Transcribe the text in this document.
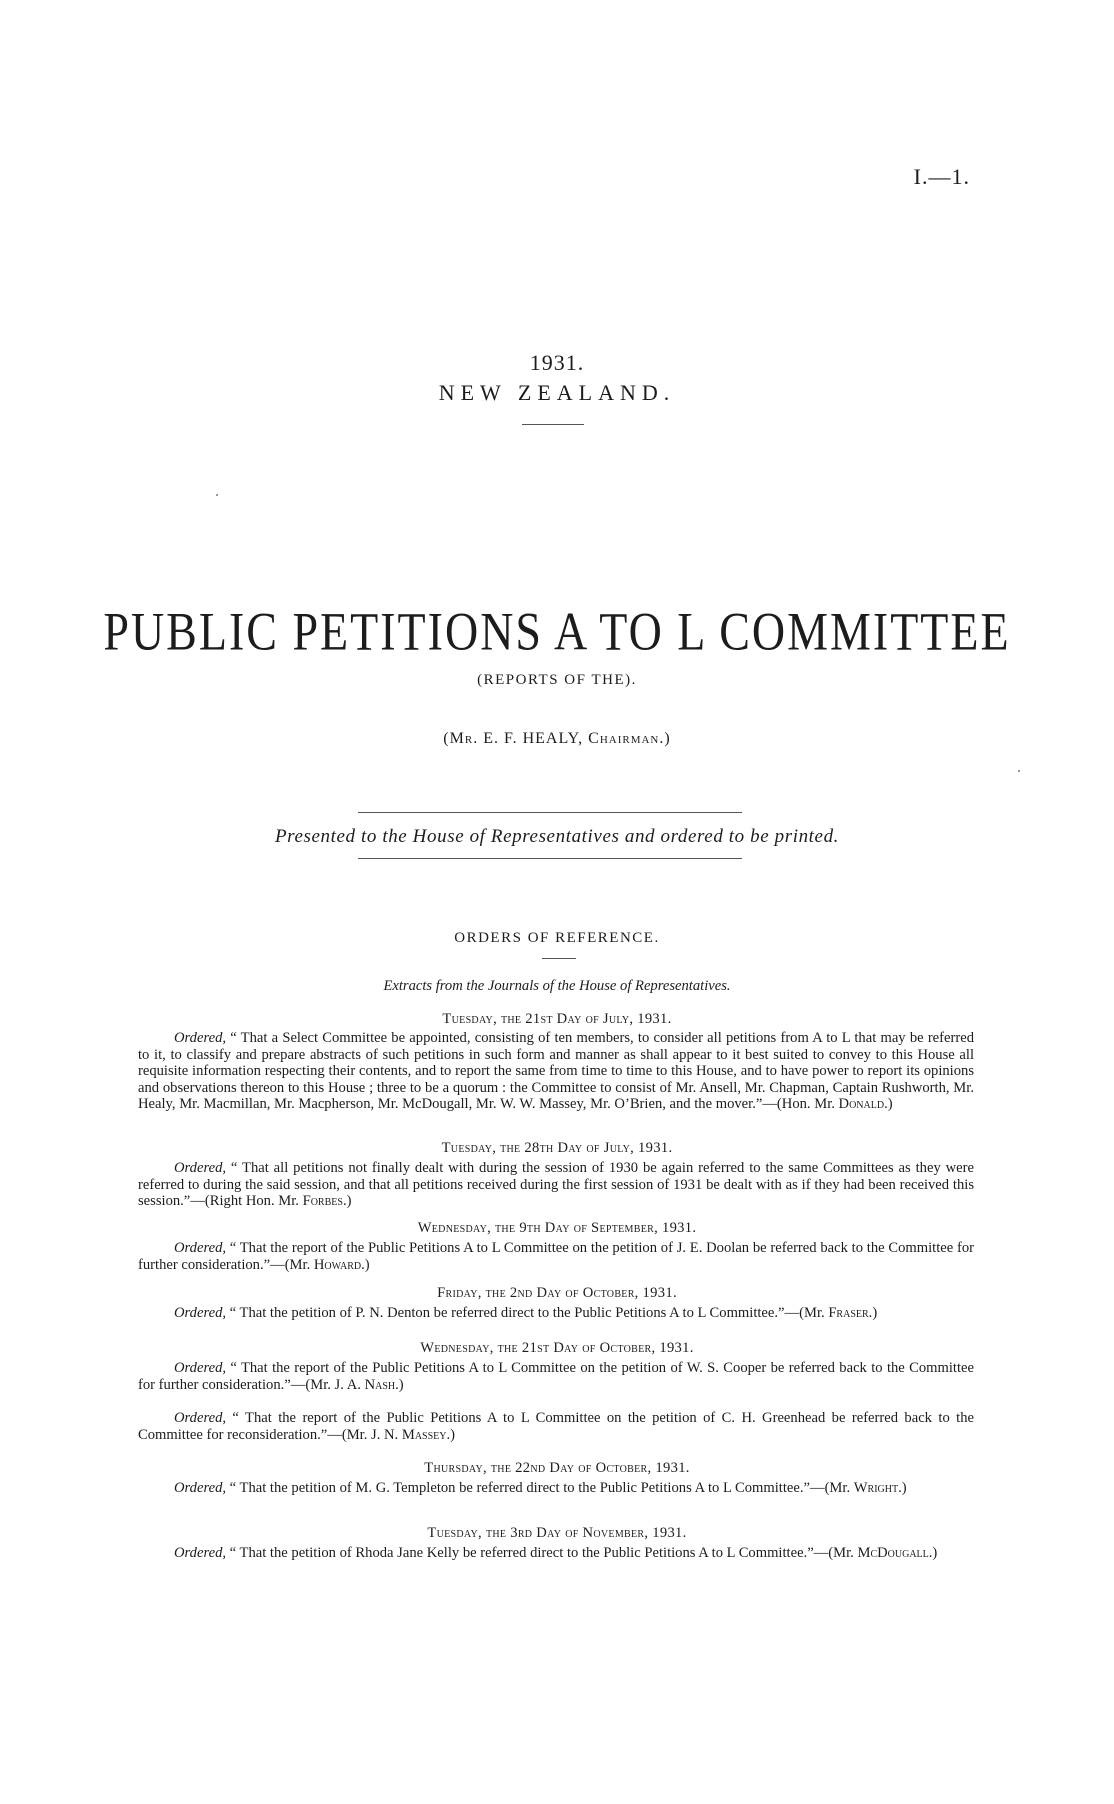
I.—1.
1931.
NEW ZEALAND.
PUBLIC PETITIONS A TO L COMMITTEE
(REPORTS OF THE).
(Mr. E. F. HEALY, Chairman.)
Presented to the House of Representatives and ordered to be printed.
ORDERS OF REFERENCE.
Extracts from the Journals of the House of Representatives.
Tuesday, the 21st Day of July, 1931.
Ordered, “ That a Select Committee be appointed, consisting of ten members, to consider all petitions from A to L that may be referred to it, to classify and prepare abstracts of such petitions in such form and manner as shall appear to it best suited to convey to this House all requisite information respecting their contents, and to report the same from time to time to this House, and to have power to report its opinions and observations thereon to this House ; three to be a quorum : the Committee to consist of Mr. Ansell, Mr. Chapman, Captain Rushworth, Mr. Healy, Mr. Macmillan, Mr. Macpherson, Mr. McDougall, Mr. W. W. Massey, Mr. O’Brien, and the mover.”—(Hon. Mr. Donald.)
Tuesday, the 28th Day of July, 1931.
Ordered, “ That all petitions not finally dealt with during the session of 1930 be again referred to the same Committees as they were referred to during the said session, and that all petitions received during the first session of 1931 be dealt with as if they had been received this session.”—(Right Hon. Mr. Forbes.)
Wednesday, the 9th Day of September, 1931.
Ordered, “ That the report of the Public Petitions A to L Committee on the petition of J. E. Doolan be referred back to the Committee for further consideration.”—(Mr. Howard.)
Friday, the 2nd Day of October, 1931.
Ordered, “ That the petition of P. N. Denton be referred direct to the Public Petitions A to L Committee.”—(Mr. Fraser.)
Wednesday, the 21st Day of October, 1931.
Ordered, “ That the report of the Public Petitions A to L Committee on the petition of W. S. Cooper be referred back to the Committee for further consideration.”—(Mr. J. A. Nash.)
Ordered, “ That the report of the Public Petitions A to L Committee on the petition of C. H. Greenhead be referred back to the Committee for reconsideration.”—(Mr. J. N. Massey.)
Thursday, the 22nd Day of October, 1931.
Ordered, “ That the petition of M. G. Templeton be referred direct to the Public Petitions A to L Committee.”—(Mr. Wright.)
Tuesday, the 3rd Day of November, 1931.
Ordered, “ That the petition of Rhoda Jane Kelly be referred direct to the Public Petitions A to L Committee.”—(Mr. McDougall.)
